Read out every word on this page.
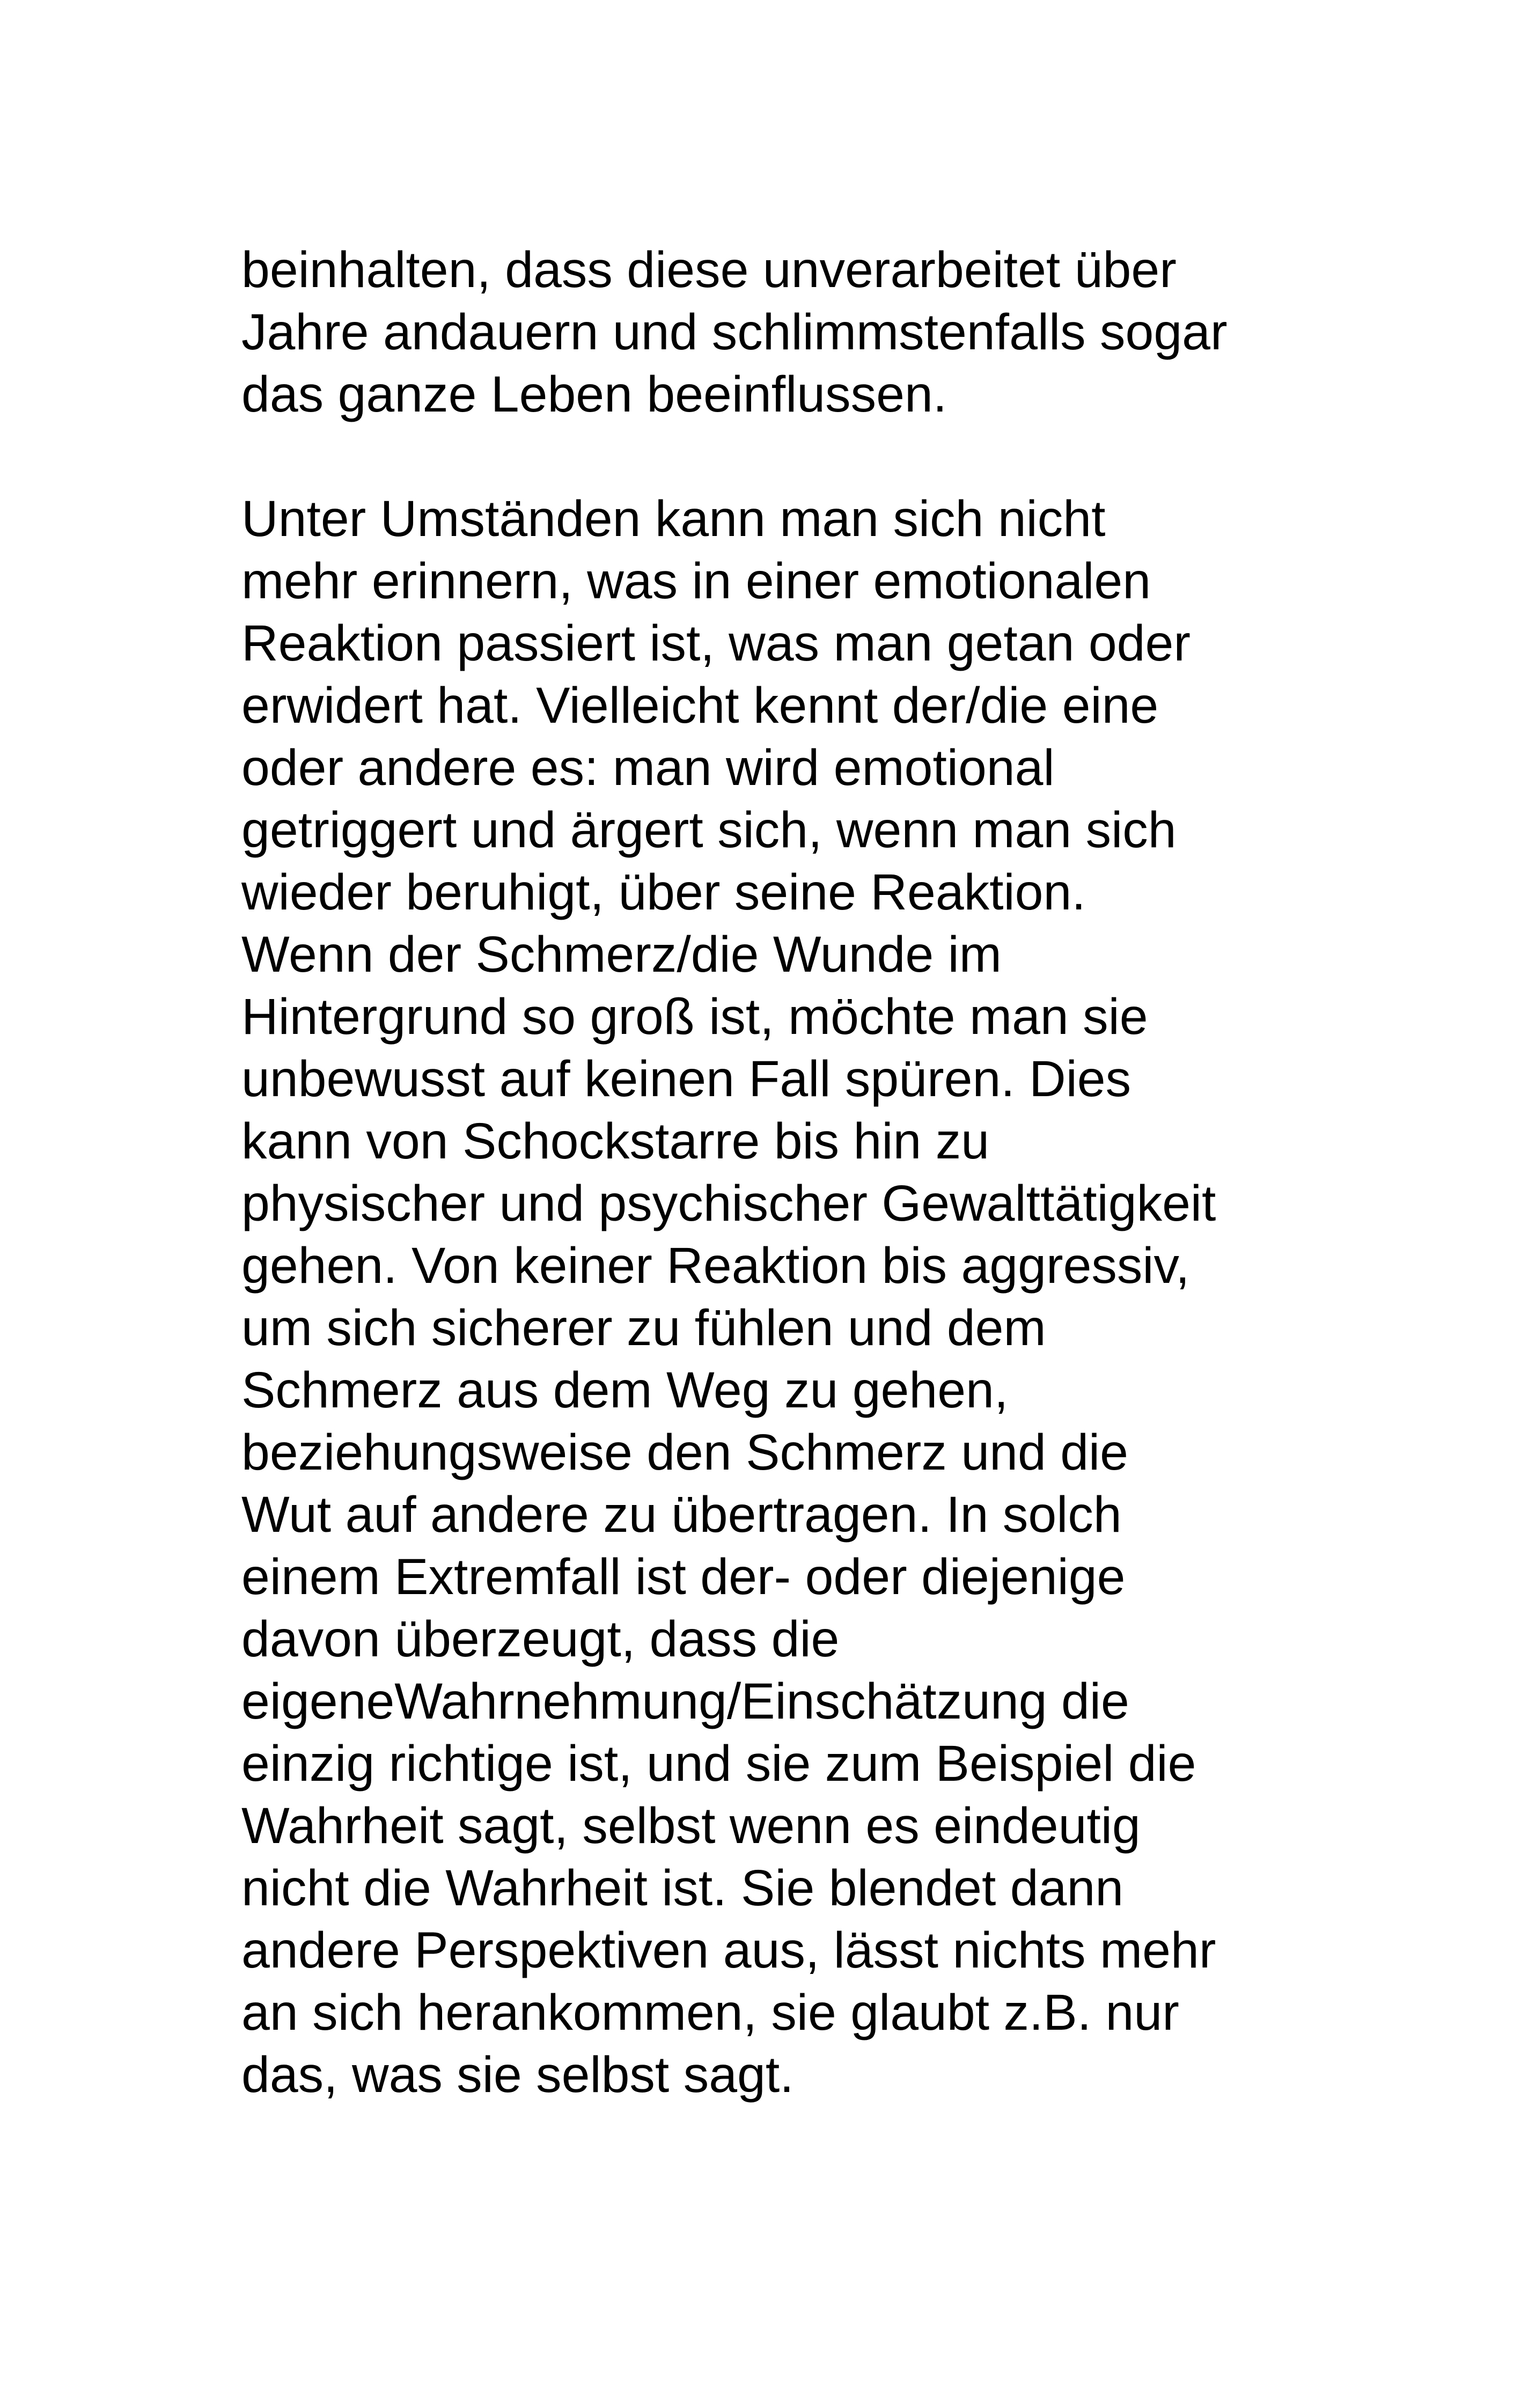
beinhalten, dass diese unverarbeitet über
Jahre andauern und schlimmstenfalls sogar
das ganze Leben beeinflussen.
Unter Umständen kann man sich nicht
mehr erinnern, was in einer emotionalen
Reaktion passiert ist, was man getan oder
erwidert hat. Vielleicht kennt der/die eine
oder andere es: man wird emotional
getriggert und ärgert sich, wenn man sich
wieder beruhigt, über seine Reaktion.
Wenn der Schmerz/die Wunde im
Hintergrund so groß ist, möchte man sie
unbewusst auf keinen Fall spüren. Dies
kann von Schockstarre bis hin zu
physischer und psychischer Gewalttätigkeit
gehen. Von keiner Reaktion bis aggressiv,
um sich sicherer zu fühlen und dem
Schmerz aus dem Weg zu gehen,
beziehungsweise den Schmerz und die
Wut auf andere zu übertragen. In solch
einem Extremfall ist der- oder diejenige
davon überzeugt, dass die
eigeneWahrnehmung/Einschätzung die
einzig richtige ist, und sie zum Beispiel die
Wahrheit sagt, selbst wenn es eindeutig
nicht die Wahrheit ist. Sie blendet dann
andere Perspektiven aus, lässt nichts mehr
an sich herankommen, sie glaubt z.B. nur
das, was sie selbst sagt.
